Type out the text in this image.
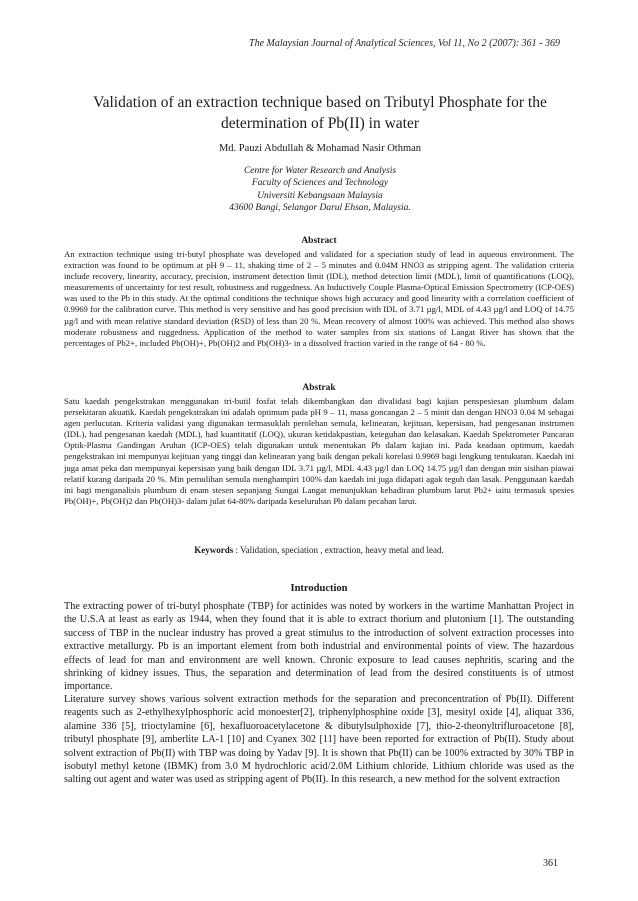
The Malaysian Journal of Analytical Sciences, Vol 11, No 2 (2007): 361 - 369
Validation of an extraction technique based on Tributyl Phosphate for the determination of Pb(II) in water
Md. Pauzi Abdullah & Mohamad Nasir Othman
Centre for Water Research and Analysis
Faculty of Sciences and Technology
Universiti Kebangsaan Malaysia
43600 Bangi, Selangor Darul Ehsan, Malaysia.
Abstract
An extraction technique using tri-butyl phosphate was developed and validated for a speciation study of lead in aqueous environment. The extraction was found to be optimum at pH 9 – 11, shaking time of 2 – 5 minutes and 0.04M HNO3 as stripping agent. The validation criteria include recovery, linearity, accuracy, precision, instrument detection limit (IDL), method detection limit (MDL), limit of quantifications (LOQ), measurements of uncertainty for test result, robustness and ruggedness. An Inductively Couple Plasma-Optical Emission Spectrometry (ICP-OES) was used to the Pb in this study. At the optimal conditions the technique shows high accuracy and good linearity with a correlation coefficient of 0.9969 for the calibration curve. This method is very sensitive and has good precision with IDL of 3.71 µg/l, MDL of 4.43 µg/l and LOQ of 14.75 µg/l and with mean relative standard deviation (RSD) of less than 20 %. Mean recovery of almost 100% was achieved. This method also shows moderate robustness and ruggedness. Application of the method to water samples from six stations of Langat River has shown that the percentages of Pb2+, included Pb(OH)+, Pb(OH)2 and Pb(OH)3- in a dissolved fraction varied in the range of 64 - 80 %.
Abstrak
Satu kaedah pengekstrakan menggunakan tri-butil fosfat telah dikembangkan dan divalidasi bagi kajian penspesiesan plumbum dalam persekitaran akuatik. Kaedah pengekstrakan ini adalah optimum pada pH 9 – 11, masa goncangan 2 – 5 minit dan dengan HNO3 0.04 M sebagai agen perlucutan. Kriteria validasi yang digunakan termasuklah perolehan semula, kelinearan, kejituan, kepersisan, had pengesanan instrumen (IDL), had pengesanan kaedah (MDL), had kuantitatif (LOQ), ukuran ketidakpastian, keteguhan dan kelasakan. Kaedah Spektrometer Pancaran Optik-Plasma Gandingan Aruhan (ICP-OES) telah digunakan untuk menentukan Pb dalam kajian ini. Pada keadaan optimum, kaedah pengekstrakan ini mempunyai kejituan yang tinggi dan kelinearan yang baik dengan pekali korelasi 0.9969 bagi lengkung tentukuran. Kaedah ini juga amat peka dan mempunyai kepersisan yang baik dengan IDL 3.71 µg/l, MDL 4.43 µg/l dan LOQ 14.75 µg/l dan dengan min sisihan piawai relatif kurang daripada 20 %. Min pemulihan semula menghampiri 100% dan kaedah ini juga didapati agak teguh dan lasak. Penggunaan kaedah ini bagi menganalisis plumbum di enam stesen sepanjang Sungai Langat menunjukkan kehadiran plumbum larut Pb2+ iaitu termasuk spesies Pb(OH)+, Pb(OH)2 dan Pb(OH)3- dalam julat 64-80% daripada keseluruhan Pb dalam pecahan larut.
Keywords : Validation, speciation , extraction, heavy metal and lead.
Introduction
The extracting power of tri-butyl phosphate (TBP) for actinides was noted by workers in the wartime Manhattan Project in the U.S.A at least as early as 1944, when they found that it is able to extract thorium and plutonium [1]. The outstanding success of TBP in the nuclear industry has proved a great stimulus to the introduction of solvent extraction processes into extractive metallurgy. Pb is an important element from both industrial and environmental points of view. The hazardous effects of lead for man and environment are well known. Chronic exposure to lead causes nephritis, scaring and the shrinking of kidney issues. Thus, the separation and determination of lead from the desired constituents is of utmost importance.
Literature survey shows various solvent extraction methods for the separation and preconcentration of Pb(II). Different reagents such as 2-ethylhexylphosphoric acid monoester[2], triphenylphosphine oxide [3], mesityl oxide [4], aliquat 336, alamine 336 [5], trioctylamine [6], hexafluoroacetylacetone & dibutylsulphoxide [7], thio-2-theonyltrifluroacetone [8], tributyl phosphate [9], amberlite LA-1 [10] and Cyanex 302 [11] have been reported for extraction of Pb(II). Study about solvent extraction of Pb(II) with TBP was doing by Yadav [9]. It is shown that Pb(II) can be 100% extracted by 30% TBP in isobutyl methyl ketone (IBMK) from 3.0 M hydrochloric acid/2.0M Lithium chloride. Lithium chloride was used as the salting out agent and water was used as stripping agent of Pb(II). In this research, a new method for the solvent extraction
361
